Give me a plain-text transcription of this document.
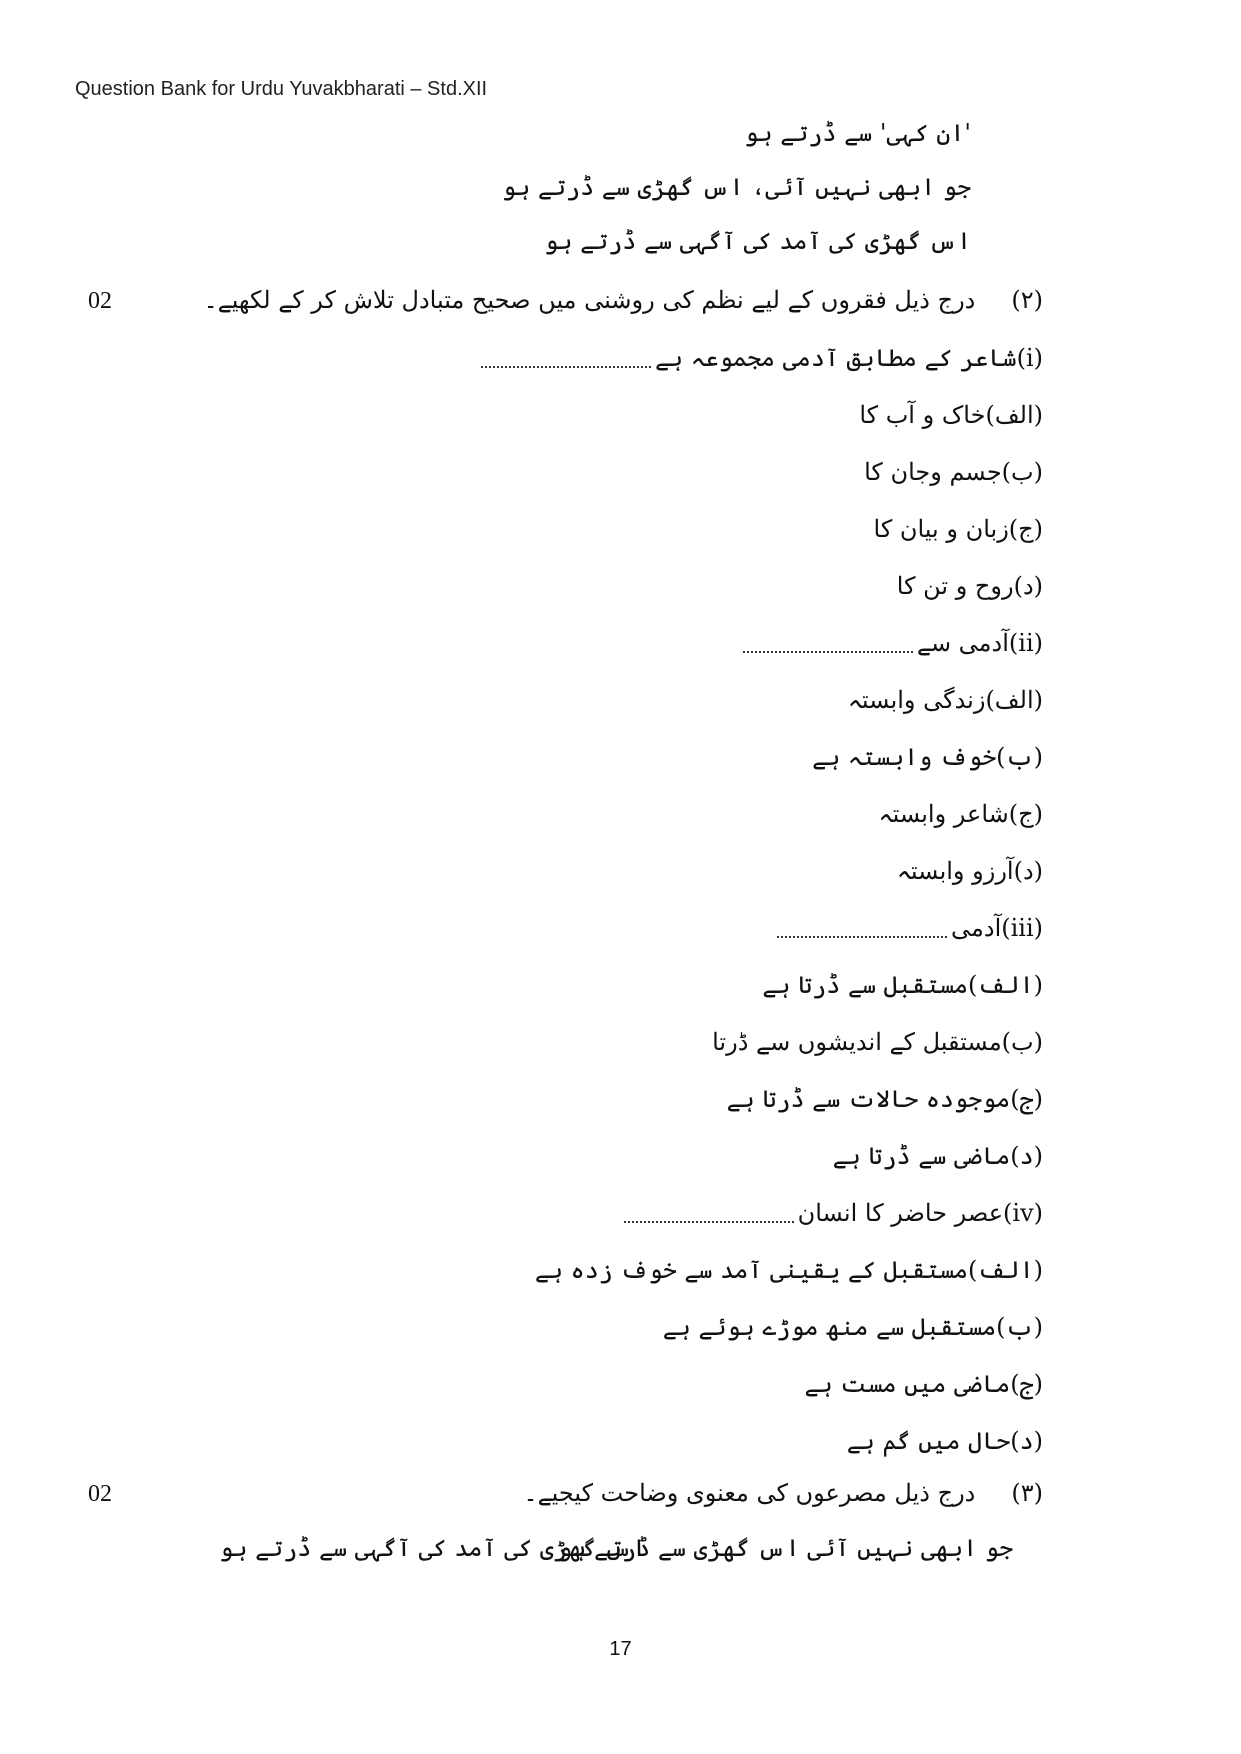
Question Bank for Urdu Yuvakbharati – Std.XII
'ان کہی' سے ڈرتے ہو
جو ابھی نہیں آئی، اس گھڑی سے ڈرتے ہو
اس گھڑی کی آمد کی آگہی سے ڈرتے ہو
(۲)درج ذیل فقروں کے لیے نظم کی روشنی میں صحیح متبادل تلاش کر کے لکھیے۔
02
(i)شاعر کے مطابق آدمی مجموعہ ہے
(الف)خاک و آب کا
(ب)جسم وجان کا
(ج)زبان و بیان کا
(د)روح و تن کا
(ii)آدمی سے
(الف)زندگی وابستہ
(ب)خوف وابستہ ہے
(ج)شاعر وابستہ
(د)آرزو وابستہ
(iii)آدمی
(الف)مستقبل سے ڈرتا ہے
(ب)مستقبل کے اندیشوں سے ڈرتا
(ج)موجودہ حالات سے ڈرتا ہے
(د)ماضی سے ڈرتا ہے
(iv)عصر حاضر کا انسان
(الف)مستقبل کے یقینی آمد سے خوف زدہ ہے
(ب)مستقبل سے منھ موڑے ہوئے ہے
(ج)ماضی میں مست ہے
(د)حال میں گم ہے
(۳)درج ذیل مصرعوں کی معنوی وضاحت کیجیے۔
02
جو ابھی نہیں آئی اس گھڑی سے ڈرتے ہو
اس گھڑی کی آمد کی آگہی سے ڈرتے ہو
17
